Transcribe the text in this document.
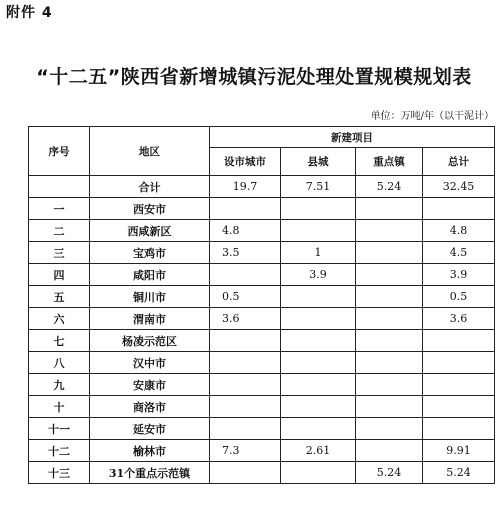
附件 4
“十二五”陕西省新增城镇污泥处理处置规模规划表
单位：万吨/年（以干泥计）
序号	地区	新建项目			
		设市城市	县城	重点镇	总计
	合计	19.7	7.51	5.24	32.45
一	西安市				
二	西咸新区	4.8			4.8
三	宝鸡市	3.5	1		4.5
四	咸阳市		3.9		3.9
五	铜川市	0.5			0.5
六	渭南市	3.6			3.6
七	杨凌示范区				
八	汉中市				
九	安康市				
十	商洛市				
十一	延安市				
十二	榆林市	7.3	2.61		9.91
十三	31个重点示范镇			5.24	5.24
